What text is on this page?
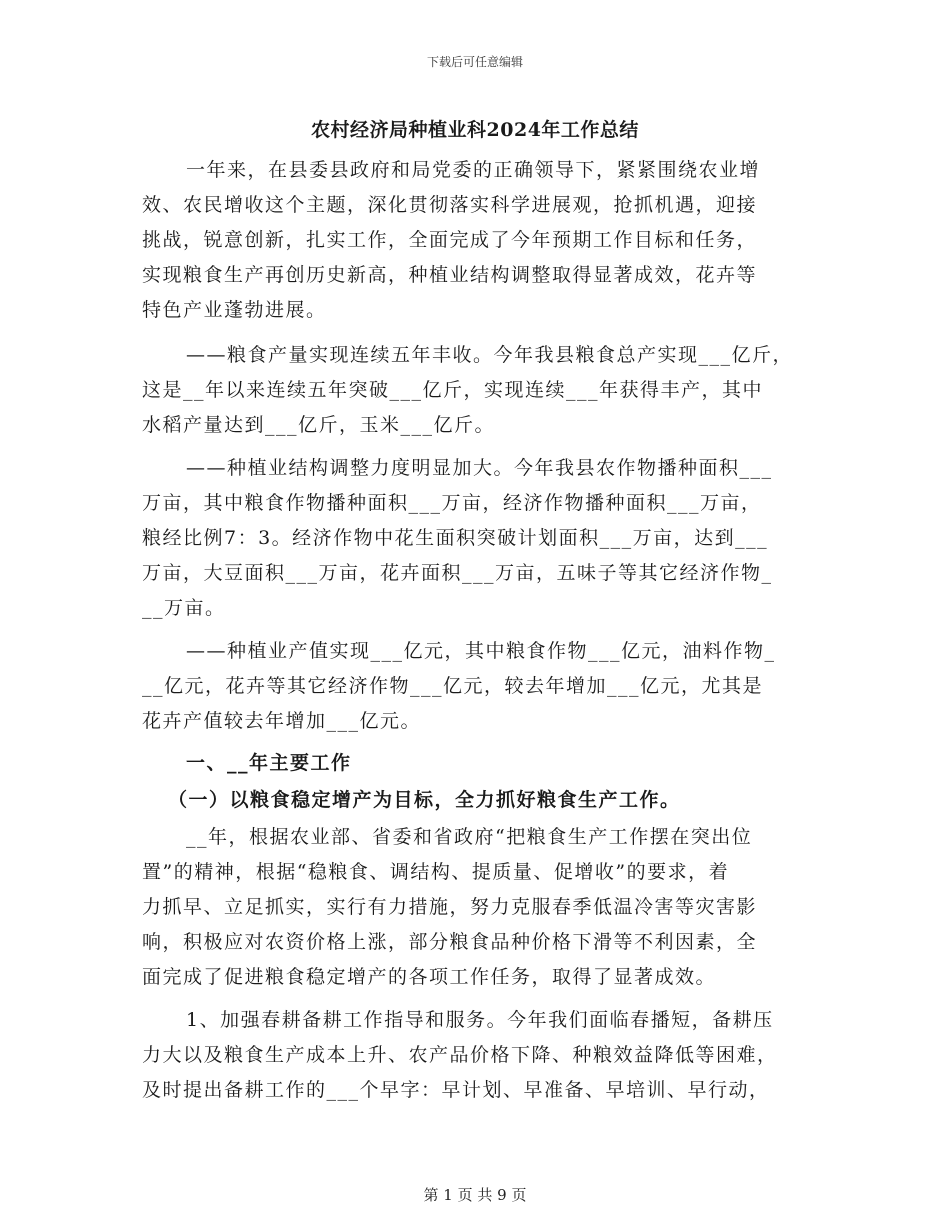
下载后可任意编辑
农村经济局种植业科2024年工作总结
一年来，在县委县政府和局党委的正确领导下，紧紧围绕农业增
效、农民增收这个主题，深化贯彻落实科学进展观，抢抓机遇，迎接
挑战，锐意创新，扎实工作，全面完成了今年预期工作目标和任务，
实现粮食生产再创历史新高，种植业结构调整取得显著成效，花卉等
特色产业蓬勃进展。
——粮食产量实现连续五年丰收。今年我县粮食总产实现___亿斤，
这是__年以来连续五年突破___亿斤，实现连续___年获得丰产，其中
水稻产量达到___亿斤，玉米___亿斤。
——种植业结构调整力度明显加大。今年我县农作物播种面积___
万亩，其中粮食作物播种面积___万亩，经济作物播种面积___万亩，
粮经比例7：3。经济作物中花生面积突破计划面积___万亩，达到___
万亩，大豆面积___万亩，花卉面积___万亩，五味子等其它经济作物_
__万亩。
——种植业产值实现___亿元，其中粮食作物___亿元，油料作物_
__亿元，花卉等其它经济作物___亿元，较去年增加___亿元，尤其是
花卉产值较去年增加___亿元。
一、__年主要工作
（一）以粮食稳定增产为目标，全力抓好粮食生产工作。
__年，根据农业部、省委和省政府“把粮食生产工作摆在突出位
置”的精神，根据“稳粮食、调结构、提质量、促增收”的要求，着
力抓早、立足抓实，实行有力措施，努力克服春季低温冷害等灾害影
响，积极应对农资价格上涨，部分粮食品种价格下滑等不利因素，全
面完成了促进粮食稳定增产的各项工作任务，取得了显著成效。
1、加强春耕备耕工作指导和服务。今年我们面临春播短，备耕压
力大以及粮食生产成本上升、农产品价格下降、种粮效益降低等困难，
及时提出备耕工作的___个早字：早计划、早准备、早培训、早行动，
第 1 页 共 9 页
